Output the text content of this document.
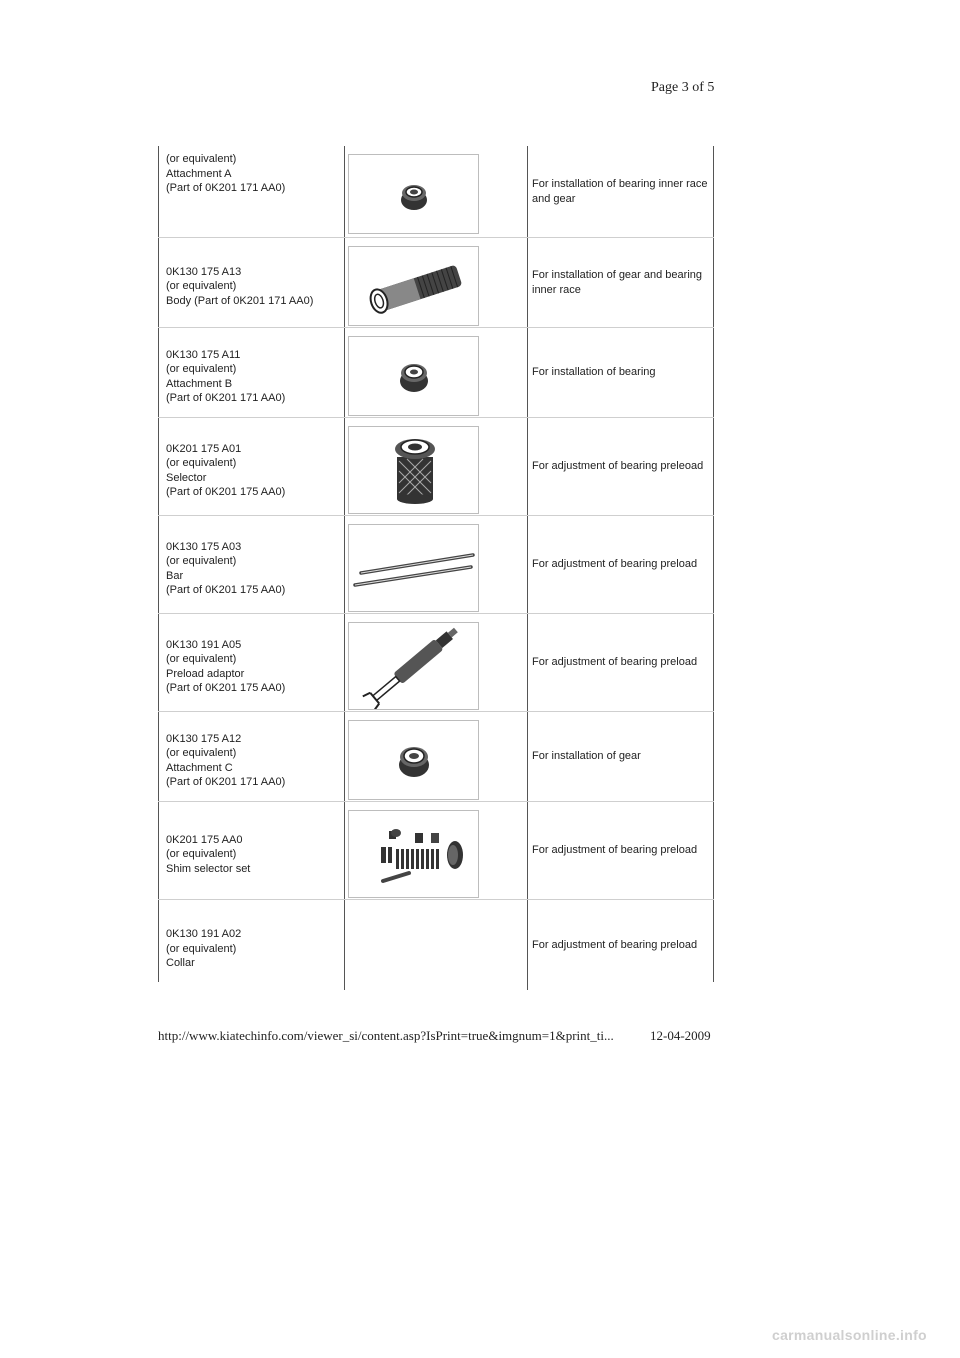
Page 3 of 5
(or equivalent)
Attachment A
(Part of 0K201 171 AA0)	For installation of bearing inner race and gear
0K130 175 A13
(or equivalent)
Body (Part of 0K201 171 AA0)
For installation of gear and bearing inner race
0K130 175 A11
(or equivalent)
Attachment B
(Part of 0K201 171 AA0)
For installation of bearing
0K201 175 A01
(or equivalent)
Selector
(Part of 0K201 175 AA0)
For adjustment of bearing preleoad
0K130 175 A03
(or equivalent)
Bar
(Part of 0K201 175 AA0)
For adjustment of bearing preload
0K130 191 A05
(or equivalent)
Preload adaptor
(Part of 0K201 175 AA0)
For adjustment of bearing preload
0K130 175 A12
(or equivalent)
Attachment C
(Part of 0K201 171 AA0)
For installation of gear
0K201 175 AA0
(or equivalent)
Shim selector set
For adjustment of bearing preload
0K130 191 A02
(or equivalent)
Collar
For adjustment of bearing preload
http://www.kiatechinfo.com/viewer_si/content.asp?IsPrint=true&imgnum=1&print_ti...	12-04-2009
carmanualsonline.info
